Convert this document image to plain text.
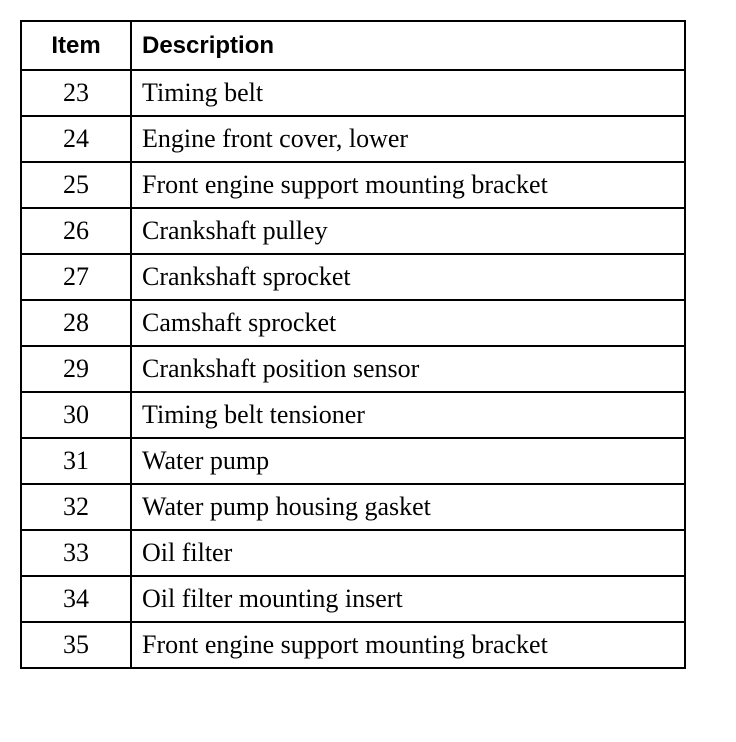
Item	Description
23	Timing belt
24	Engine front cover, lower
25	Front engine support mounting bracket
26	Crankshaft pulley
27	Crankshaft sprocket
28	Camshaft sprocket
29	Crankshaft position sensor
30	Timing belt tensioner
31	Water pump
32	Water pump housing gasket
33	Oil filter
34	Oil filter mounting insert
35	Front engine support mounting bracket
